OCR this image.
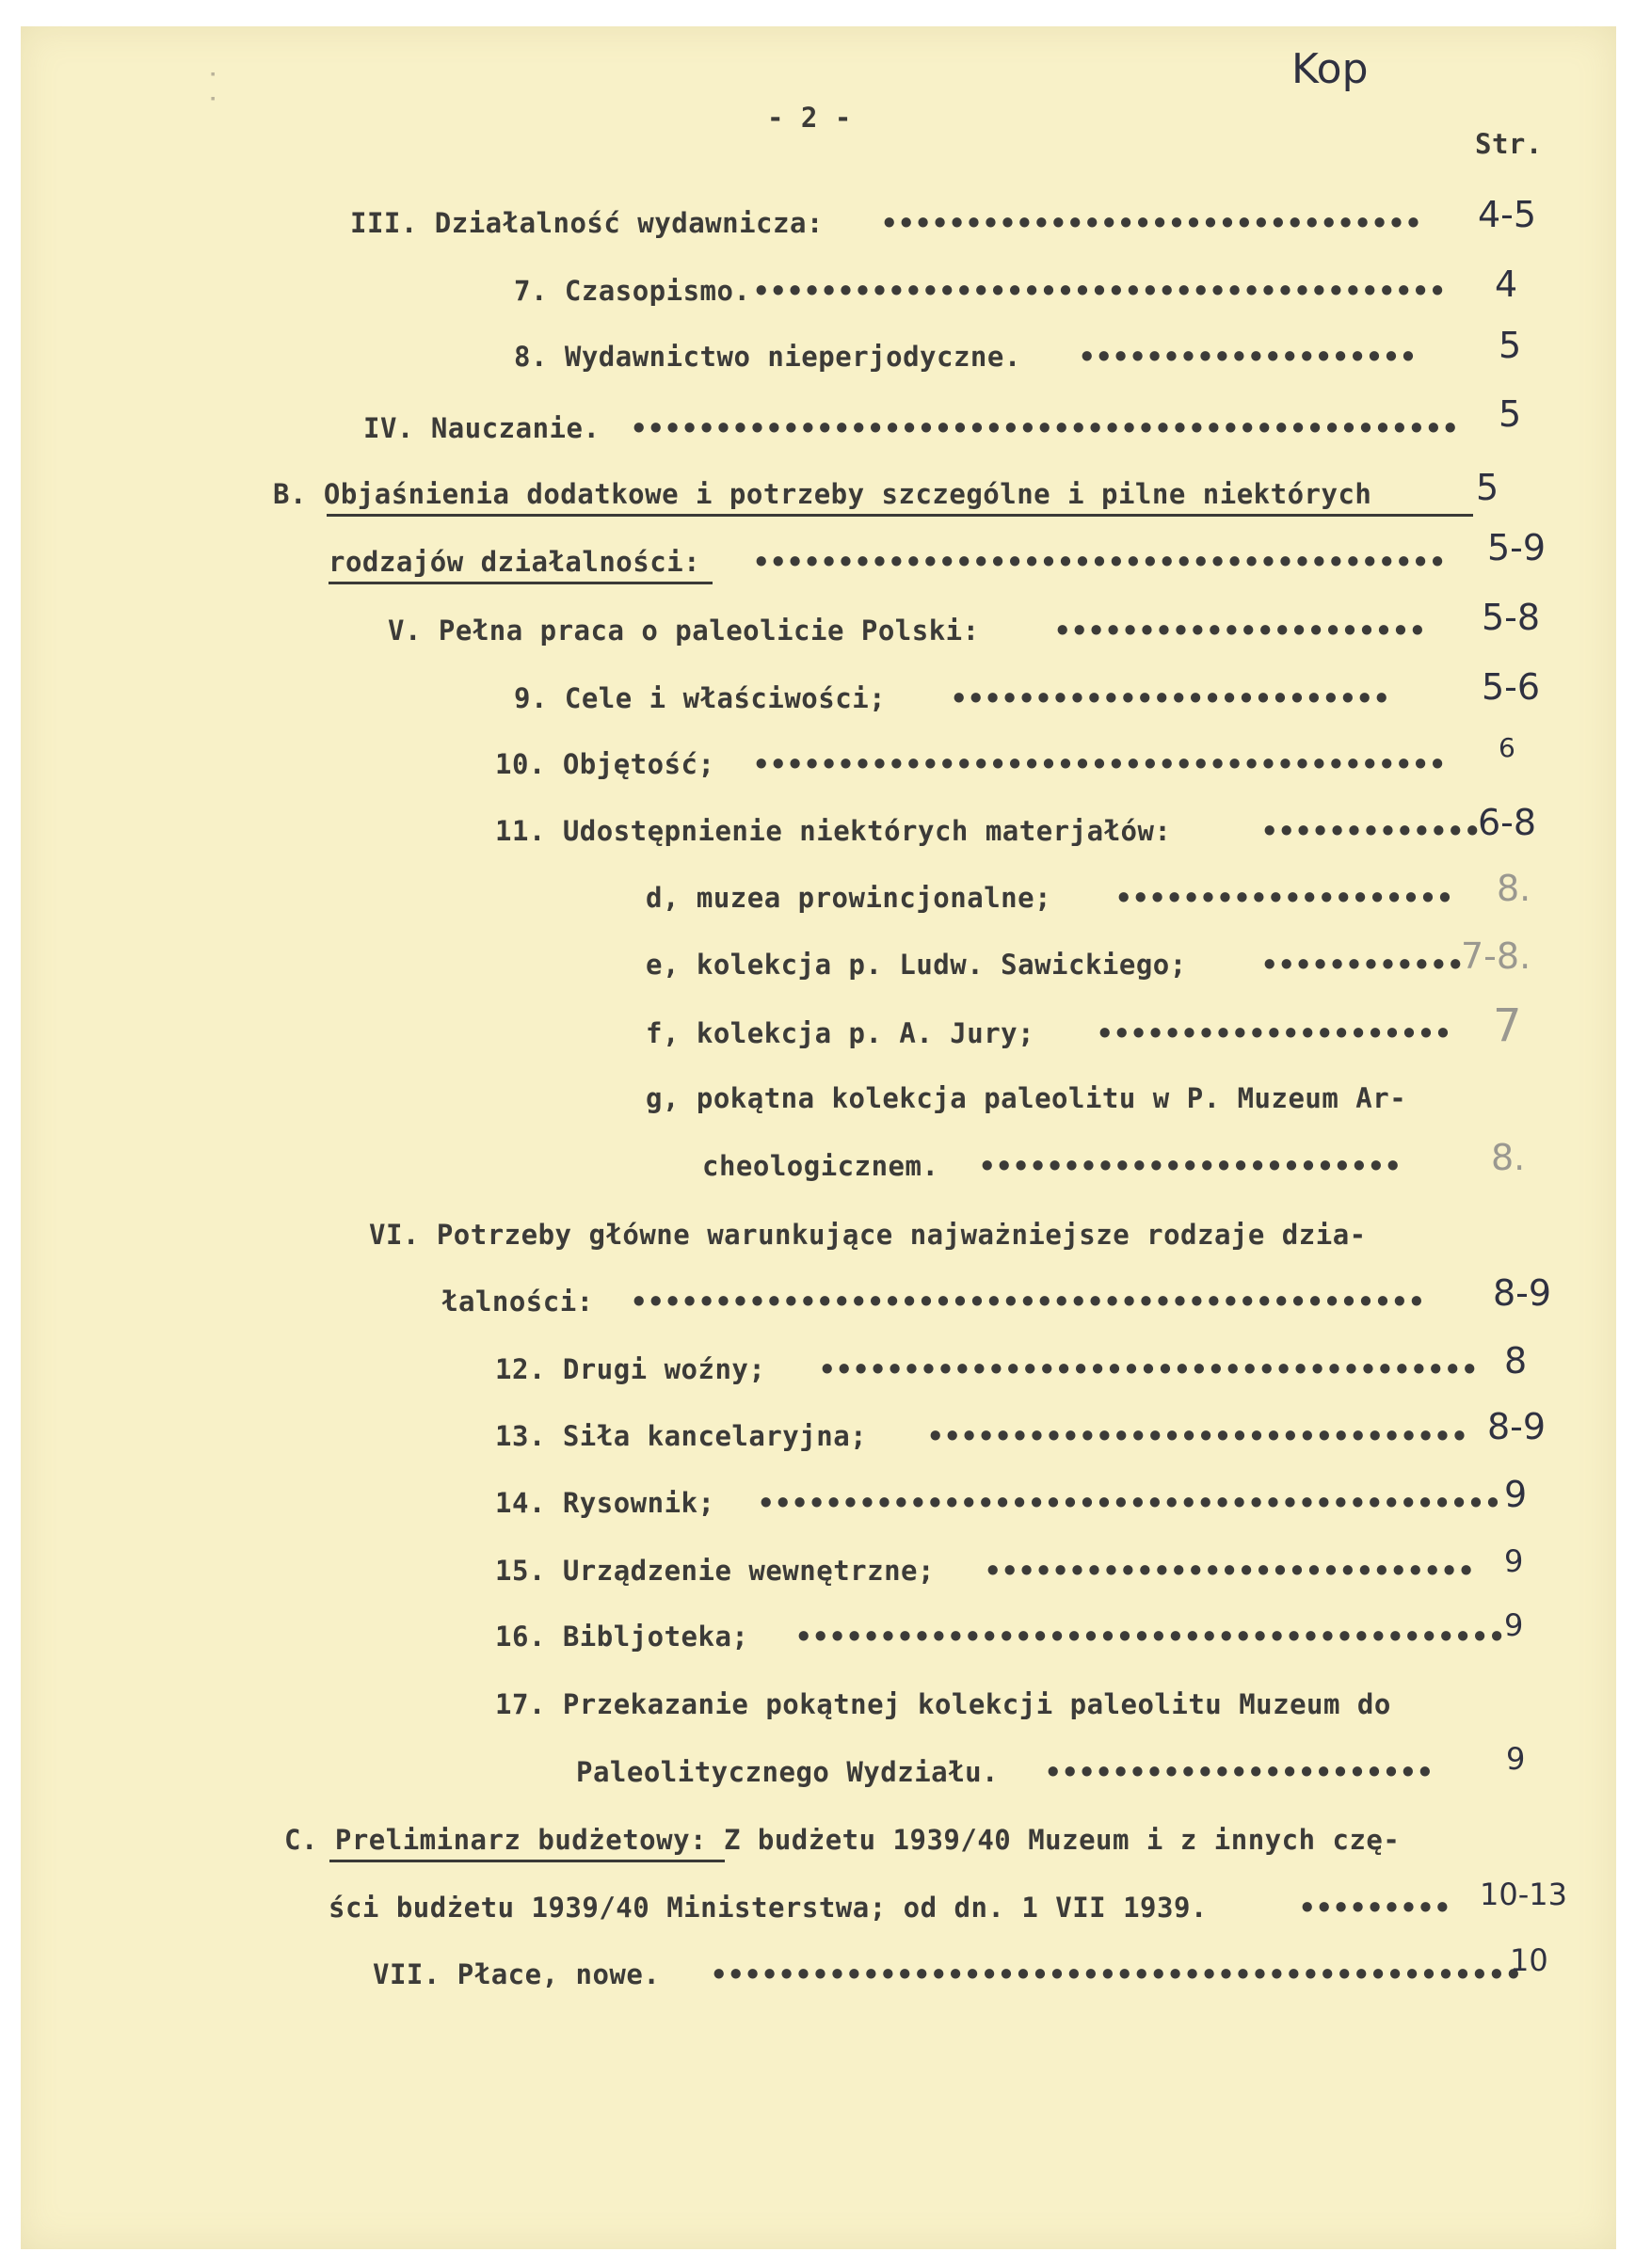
- 2 -
Kop
Str.
III. Działalność wydawnicza:
7. Czasopismo.
8. Wydawnictwo nieperjodyczne.
IV. Nauczanie.
B. Objaśnienia dodatkowe i potrzeby szczególne i pilne niektórych
rodzajów działalności:
V. Pełna praca o paleolicie Polski:
9. Cele i właściwości;
10. Objętość;
11. Udostępnienie niektórych materjałów:
d, muzea prowincjonalne;
e, kolekcja p. Ludw. Sawickiego;
f, kolekcja p. A. Jury;
g, pokątna kolekcja paleolitu w P. Muzeum Ar-
cheologicznem.
VI. Potrzeby główne warunkujące najważniejsze rodzaje dzia-
łalności:
12. Drugi woźny;
13. Siła kancelaryjna;
14. Rysownik;
15. Urządzenie wewnętrzne;
16. Bibljoteka;
17. Przekazanie pokątnej kolekcji paleolitu Muzeum do
Paleolitycznego Wydziału.
C. Preliminarz budżetowy: Z budżetu 1939/40 Muzeum i z innych czę-
ści budżetu 1939/40 Ministerstwa; od dn. 1 VII 1939.
VII. Płace, nowe.
••••••••••••••••••••••••••••••••
•••••••••••••••••••••••••••••••••••••••••
••••••••••••••••••••
•••••••••••••••••••••••••••••••••••••••••••••••••
•••••••••••••••••••••••••••••••••••••••••
••••••••••••••••••••••
••••••••••••••••••••••••••
•••••••••••••••••••••••••••••••••••••••••
•••••••••••••
••••••••••••••••••••
••••••••••••
•••••••••••••••••••••
•••••••••••••••••••••••••
•••••••••••••••••••••••••••••••••••••••••••••••
•••••••••••••••••••••••••••••••••••••••
••••••••••••••••••••••••••••••••
••••••••••••••••••••••••••••••••••••••••••••
•••••••••••••••••••••••••••••
••••••••••••••••••••••••••••••••••••••••••
•••••••••••••••••••••••
•••••••••
••••••••••••••••••••••••••••••••••••••••••••••••
4-5
4
5
5
5
5-9
5-8
5-6
6
6-8
8.
7-8.
7
8.
8-9
8
8-9
9
9
9
9
10-13
10
▪
▪
